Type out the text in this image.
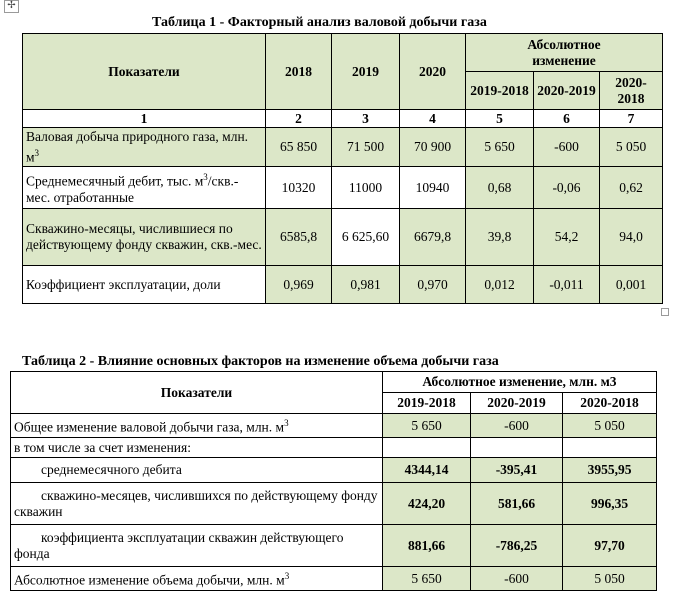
✢
Таблица 1 - Факторный анализ валовой добычи газа
Показатели	2018	2019	2020	Абсолютное изменение		
				2019-2018	2020-2019	2020-2018
1	2	3	4	5	6	7
Валовая добыча природного газа, млн. $м^3$	65 850	71 500	70 900	5 650	-600	5 050
Среднемесячный дебит, тыс. $м^3/скв$.-мес. отработанные	10320	11000	10940	0,68	-0,06	0,62
Скважино-месяцы, числившиеся по действующему фонду скважин, скв.-мес.	6585,8	6 625,60	6679,8	39,8	54,2	94,0
Коэффициент эксплуатации, доли	0,969	0,981	0,970	0,012	-0,011	0,001
Таблица 2 - Влияние основных факторов на изменение объема добычи газа
Показатели	Абсолютное изменение, млн. м3		
	2019-2018	2020-2019	2020-2018
Общее изменение валовой добычи газа, млн. $м^3$	5 650	-600	5 050
в том числе за счет изменения:			
среднемесячного дебита	4344,14	-395,41	3955,95
скважино-месяцев, числившихся по действующему фонду скважин	424,20	581,66	996,35
коэффициента эксплуатации скважин действующего фонда	881,66	-786,25	97,70
Абсолютное изменение объема добычи, млн. $м^3$	5 650	-600	5 050
